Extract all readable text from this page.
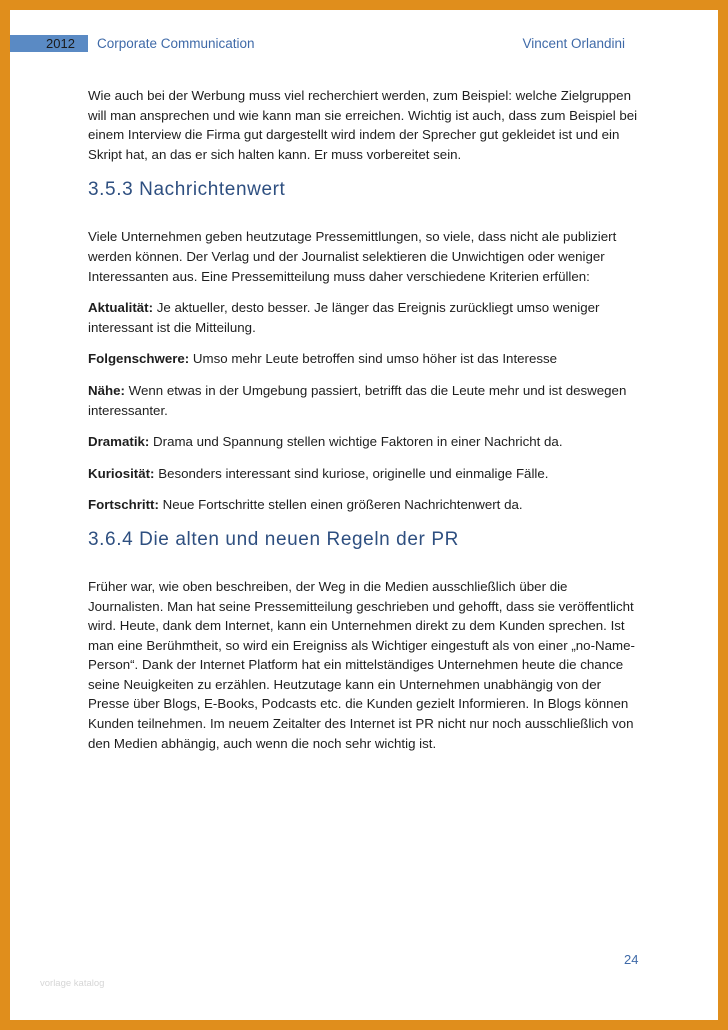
2012 Corporate Communication	Vincent Orlandini

Wie auch bei der Werbung muss viel recherchiert werden, zum Beispiel: welche Zielgruppen will man ansprechen und wie kann man sie erreichen. Wichtig ist auch, dass zum Beispiel bei einem Interview die Firma gut dargestellt wird indem der Sprecher gut gekleidet ist und ein Skript hat, an das er sich halten kann. Er muss vorbereitet sein.

3.5.3 Nachrichtenwert

Viele Unternehmen geben heutzutage Pressemittlungen, so viele, dass nicht ale publiziert werden können. Der Verlag und der Journalist selektieren die Unwichtigen oder weniger Interessanten aus. Eine Pressemitteilung muss daher verschiedene Kriterien erfüllen:

Aktualität: Je aktueller, desto besser. Je länger das Ereignis zurückliegt umso weniger interessant ist die Mitteilung.

Folgenschwere: Umso mehr Leute betroffen sind umso höher ist das Interesse

Nähe: Wenn etwas in der Umgebung passiert, betrifft das die Leute mehr und ist deswegen interessanter.

Dramatik: Drama und Spannung stellen wichtige Faktoren in einer Nachricht da.

Kuriosität: Besonders interessant sind kuriose, originelle und einmalige Fälle.

Fortschritt: Neue Fortschritte stellen einen größeren Nachrichtenwert da.

3.6.4 Die alten und neuen Regeln der PR

Früher war, wie oben beschreiben, der Weg in die Medien ausschließlich über die Journalisten. Man hat seine Pressemitteilung geschrieben und gehofft, dass sie veröffentlicht wird. Heute, dank dem Internet, kann ein Unternehmen direkt zu dem Kunden sprechen. Ist man eine Berühmtheit, so wird ein Ereigniss als Wichtiger eingestuft als von einer „no-Name-Person“. Dank der Internet Platform hat ein mittelständiges Unternehmen heute die chance seine Neuigkeiten zu erzählen. Heutzutage kann ein Unternehmen unabhängig von der Presse über Blogs, E-Books, Podcasts etc. die Kunden gezielt Informieren. In Blogs können Kunden teilnehmen. Im neuem Zeitalter des Internet ist PR nicht nur noch ausschließlich von den Medien abhängig, auch wenn die noch sehr wichtig ist.

24
vorlage katalog
